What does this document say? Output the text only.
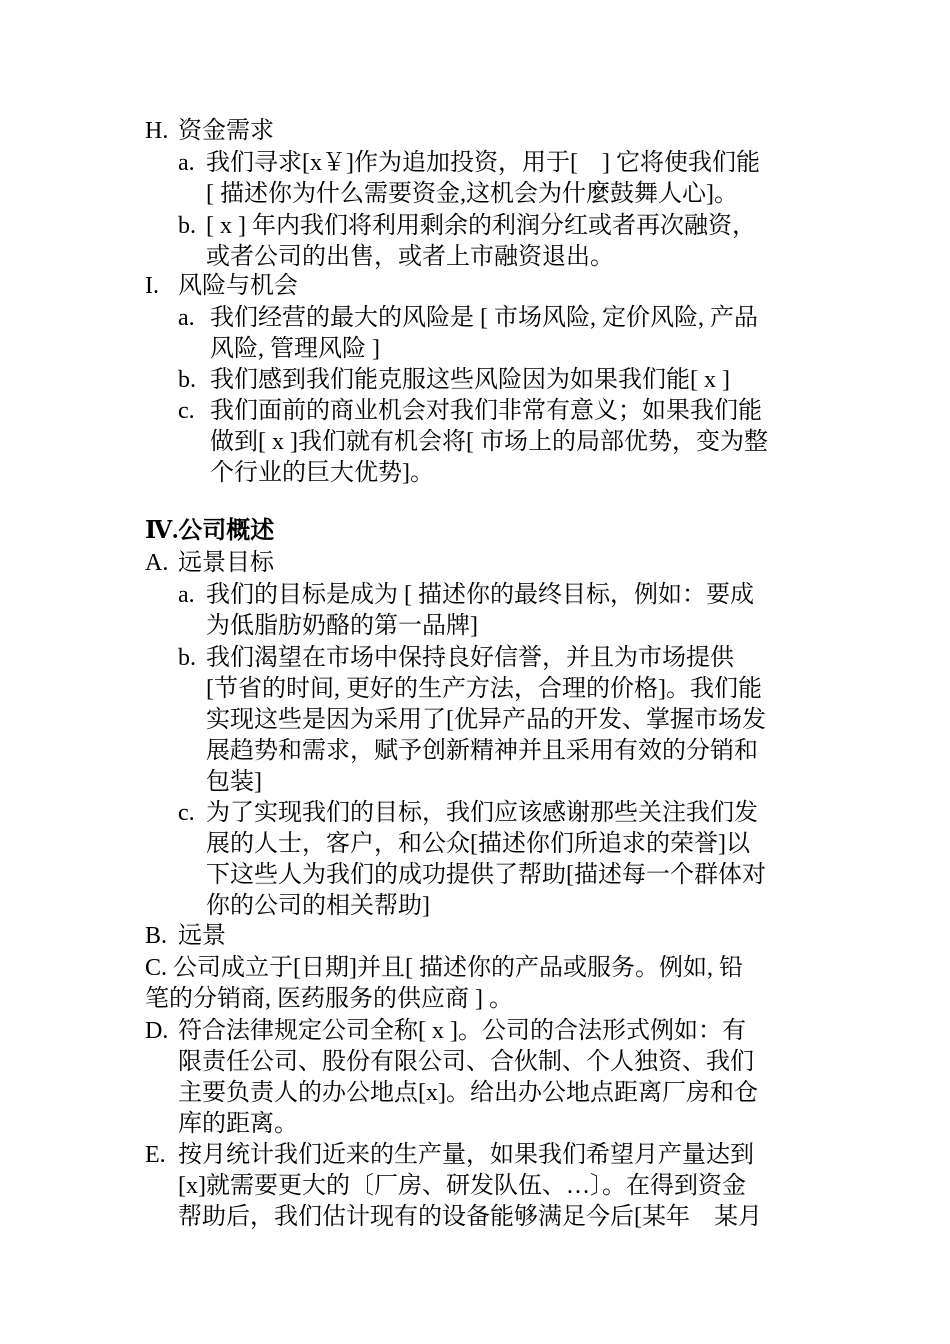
H. 资金需求
a. 我们寻求[x￥]作为追加投资，用于[　] 它将使我们能
[ 描述你为什么需要资金,这机会为什麼鼓舞人心]。
b. [ x ] 年内我们将利用剩余的利润分红或者再次融资，
或者公司的出售，或者上市融资退出。
I. 风险与机会
a. 我们经营的最大的风险是 [ 市场风险, 定价风险, 产品
风险, 管理风险 ]
b. 我们感到我们能克服这些风险因为如果我们能[ x ]
c. 我们面前的商业机会对我们非常有意义；如果我们能
做到[ x ]我们就有机会将[ 市场上的局部优势，变为整
个行业的巨大优势]。
Ⅳ.公司概述
A. 远景目标
a. 我们的目标是成为 [ 描述你的最终目标，例如：要成
为低脂肪奶酪的第一品牌]
b. 我们渴望在市场中保持良好信誉，并且为市场提供
[节省的时间, 更好的生产方法，合理的价格]。我们能
实现这些是因为采用了[优异产品的开发、掌握市场发
展趋势和需求，赋予创新精神并且采用有效的分销和
包装]
c. 为了实现我们的目标，我们应该感谢那些关注我们发
展的人士，客户，和公众[描述你们所追求的荣誉]以
下这些人为我们的成功提供了帮助[描述每一个群体对
你的公司的相关帮助]
B. 远景
C. 公司成立于[日期]并且[ 描述你的产品或服务。例如, 铅
笔的分销商, 医药服务的供应商 ] 。
D. 符合法律规定公司全称[ x ]。公司的合法形式例如：有
限责任公司、股份有限公司、合伙制、个人独资、我们
主要负责人的办公地点[x]。给出办公地点距离厂房和仓
库的距离。
E. 按月统计我们近来的生产量，如果我们希望月产量达到
[x]就需要更大的〔厂房、研发队伍、…〕。在得到资金
帮助后，我们估计现有的设备能够满足今后[某年　某月
